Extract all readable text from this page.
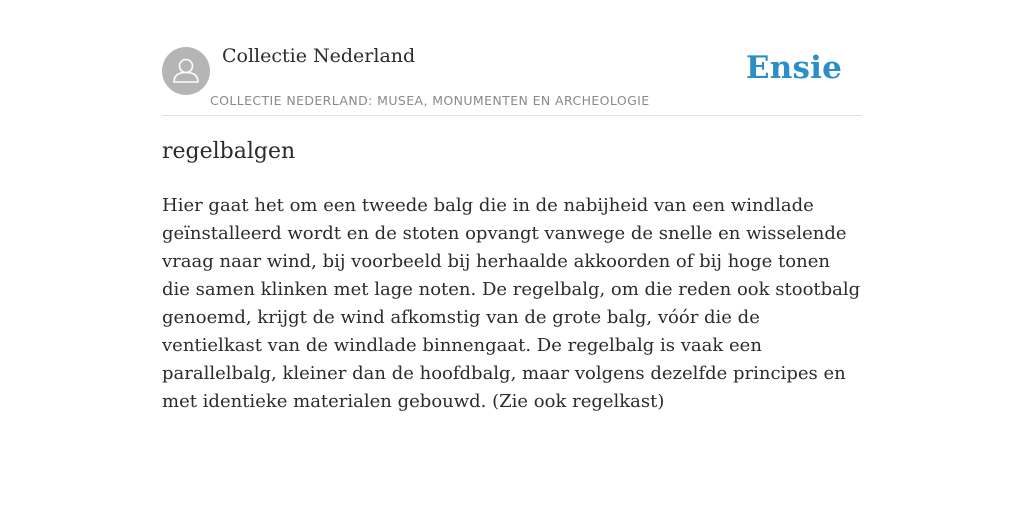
Collectie Nederland
COLLECTIE NEDERLAND: MUSEA, MONUMENTEN EN ARCHEOLOGIE
Ensie
regelbalgen

Hier gaat het om een tweede balg die in de nabijheid van een windlade geïnstalleerd wordt en de stoten opvangt vanwege de snelle en wisselende vraag naar wind, bij voorbeeld bij herhaalde akkoorden of bij hoge tonen die samen klinken met lage noten. De regelbalg, om die reden ook stootbalg genoemd, krijgt de wind afkomstig van de grote balg, vóór die de ventielkast van de windlade binnengaat. De regelbalg is vaak een parallelbalg, kleiner dan de hoofdbalg, maar volgens dezelfde principes en met identieke materialen gebouwd. (Zie ook regelkast)
